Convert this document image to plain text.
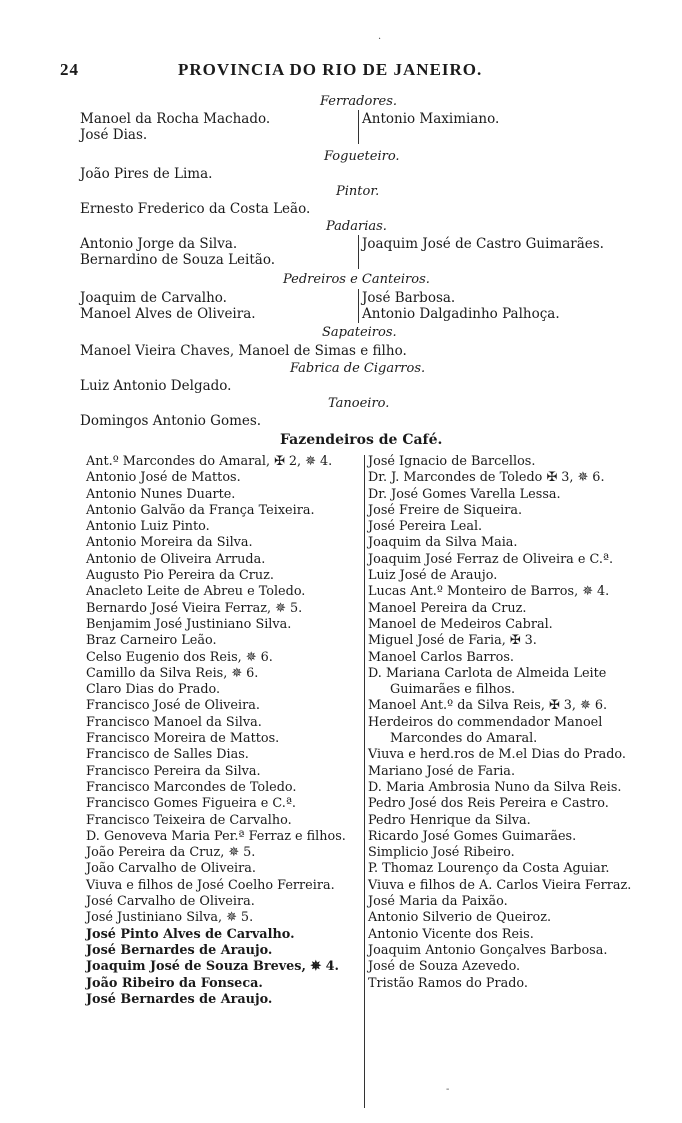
·
24	PROVINCIA DO RIO DE JANEIRO.
Ferradores.
Manoel da Rocha Machado.
José Dias.
Antonio Maximiano.
Fogueteiro.
João Pires de Lima.
Pintor.
Ernesto Frederico da Costa Leão.
Padarias.
Antonio Jorge da Silva.
Bernardino de Souza Leitão.
Joaquim José de Castro Guimarães.
Pedreiros e Canteiros.
Joaquim de Carvalho.
Manoel Alves de Oliveira.
José Barbosa.
Antonio Dalgadinho Palhoça.
Sapateiros.
Manoel Vieira Chaves, Manoel de Simas e filho.
Fabrica de Cigarros.
Luiz Antonio Delgado.
Tanoeiro.
Domingos Antonio Gomes.
Fazendeiros de Café.
Ant.º Marcondes do Amaral, ✠ 2, ✵ 4.
Antonio José de Mattos.
Antonio Nunes Duarte.
Antonio Galvão da França Teixeira.
Antonio Luiz Pinto.
Antonio Moreira da Silva.
Antonio de Oliveira Arruda.
Augusto Pio Pereira da Cruz.
Anacleto Leite de Abreu e Toledo.
Bernardo José Vieira Ferraz, ✵ 5.
Benjamim José Justiniano Silva.
Braz Carneiro Leão.
Celso Eugenio dos Reis, ✵ 6.
Camillo da Silva Reis, ✵ 6.
Claro Dias do Prado.
Francisco José de Oliveira.
Francisco Manoel da Silva.
Francisco Moreira de Mattos.
Francisco de Salles Dias.
Francisco Pereira da Silva.
Francisco Marcondes de Toledo.
Francisco Gomes Figueira e C.ª.
Francisco Teixeira de Carvalho.
D. Genoveva Maria Per.ª Ferraz e filhos.
João Pereira da Cruz, ✵ 5.
João Carvalho de Oliveira.
Viuva e filhos de José Coelho Ferreira.
José Carvalho de Oliveira.
José Justiniano Silva, ✵ 5.
José Pinto Alves de Carvalho.
José Bernardes de Araujo.
Joaquim José de Souza Breves, ✵ 4.
João Ribeiro da Fonseca.
José Bernardes de Araujo.
José Ignacio de Barcellos.
Dr. J. Marcondes de Toledo ✠ 3, ✵ 6.
Dr. José Gomes Varella Lessa.
José Freire de Siqueira.
José Pereira Leal.
Joaquim da Silva Maia.
Joaquim José Ferraz de Oliveira e C.ª.
Luiz José de Araujo.
Lucas Ant.º Monteiro de Barros, ✵ 4.
Manoel Pereira da Cruz.
Manoel de Medeiros Cabral.
Miguel José de Faria, ✠ 3.
Manoel Carlos Barros.
D. Mariana Carlota de Almeida Leite
Guimarães e filhos.
Manoel Ant.º da Silva Reis, ✠ 3, ✵ 6.
Herdeiros do commendador Manoel
Marcondes do Amaral.
Viuva e herd.ros de M.el Dias do Prado.
Mariano José de Faria.
D. Maria Ambrosia Nuno da Silva Reis.
Pedro José dos Reis Pereira e Castro.
Pedro Henrique da Silva.
Ricardo José Gomes Guimarães.
Simplicio José Ribeiro.
P. Thomaz Lourenço da Costa Aguiar.
Viuva e filhos de A. Carlos Vieira Ferraz.
José Maria da Paixão.
Antonio Silverio de Queiroz.
Antonio Vicente dos Reis.
Joaquim Antonio Gonçalves Barbosa.
José de Souza Azevedo.
Tristão Ramos do Prado.
-
